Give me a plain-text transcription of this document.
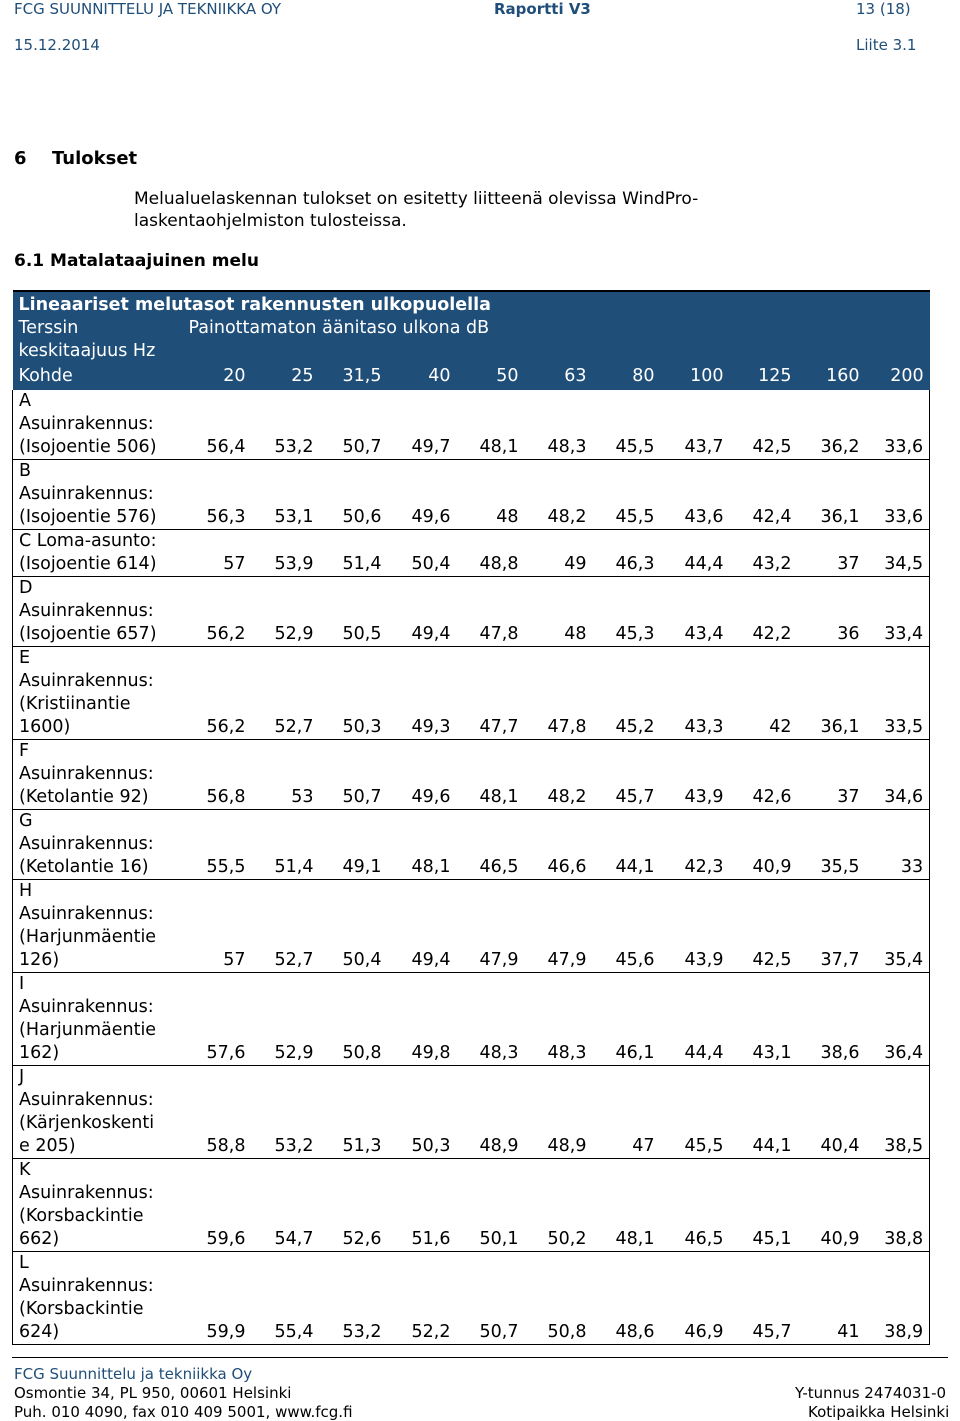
FCG SUUNNITTELU JA TEKNIIKKA OY	Raportti V3	13 (18)
15.12.2014	Liite 3.1
6 Tulokset
Melualuelaskennan tulokset on esitetty liitteenä olevissa WindPro-
laskentaohjelmiston tulosteissa.
6.1 Matalataajuinen melu
Lineaariset melutasot rakennusten ulkopuolella											

Terssin
keskitaajuus Hz	Painottamaton äänitaso ulkona dB										
Kohde	20	25	31,5	40	50	63	80	100	125	160	200

A
Asuinrakennus:
(Isojoentie 506)	56,4	53,2	50,7	49,7	48,1	48,3	45,5	43,7	42,5	36,2	33,6

B
Asuinrakennus:
(Isojoentie 576)	56,3	53,1	50,6	49,6	48	48,2	45,5	43,6	42,4	36,1	33,6

C Loma-asunto:
(Isojoentie 614)	57	53,9	51,4	50,4	48,8	49	46,3	44,4	43,2	37	34,5

D
Asuinrakennus:
(Isojoentie 657)	56,2	52,9	50,5	49,4	47,8	48	45,3	43,4	42,2	36	33,4

E
Asuinrakennus:
(Kristiinantie
1600)	56,2	52,7	50,3	49,3	47,7	47,8	45,2	43,3	42	36,1	33,5

F
Asuinrakennus:
(Ketolantie 92)	56,8	53	50,7	49,6	48,1	48,2	45,7	43,9	42,6	37	34,6

G
Asuinrakennus:
(Ketolantie 16)	55,5	51,4	49,1	48,1	46,5	46,6	44,1	42,3	40,9	35,5	33

H
Asuinrakennus:
(Harjunmäentie
126)	57	52,7	50,4	49,4	47,9	47,9	45,6	43,9	42,5	37,7	35,4

I
Asuinrakennus:
(Harjunmäentie
162)	57,6	52,9	50,8	49,8	48,3	48,3	46,1	44,4	43,1	38,6	36,4

J
Asuinrakennus:
(Kärjenkoskenti
e 205)	58,8	53,2	51,3	50,3	48,9	48,9	47	45,5	44,1	40,4	38,5

K
Asuinrakennus:
(Korsbackintie
662)	59,6	54,7	52,6	51,6	50,1	50,2	48,1	46,5	45,1	40,9	38,8

L
Asuinrakennus:
(Korsbackintie
624)	59,9	55,4	53,2	52,2	50,7	50,8	48,6	46,9	45,7	41	38,9
FCG Suunnittelu ja tekniikka Oy
Osmontie 34, PL 950, 00601 Helsinki
Puh. 010 4090, fax 010 409 5001, www.fcg.fi
Y-tunnus 2474031-0
Kotipaikka Helsinki
